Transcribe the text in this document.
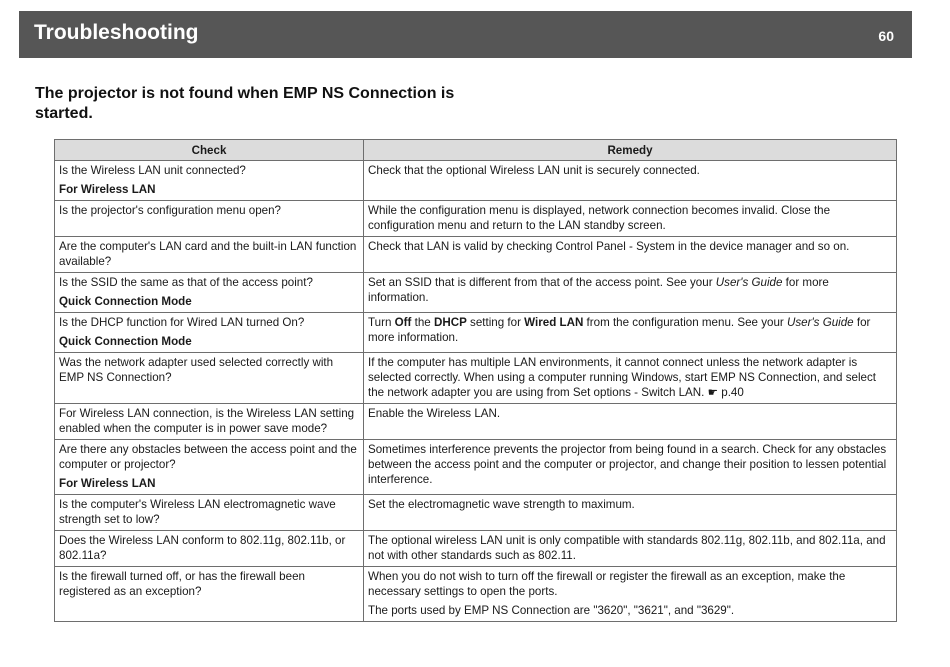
Troubleshooting	60
The projector is not found when EMP NS Connection is started.
Check	Remedy

Is the Wireless LAN unit connected?
For Wireless LAN	Check that the optional Wireless LAN unit is securely connected.

Is the projector's configuration menu open?	While the configuration menu is displayed, network connection becomes invalid. Close the configuration menu and return to the LAN standby screen.

Are the computer's LAN card and the built-in LAN function available?	Check that LAN is valid by checking Control Panel - System in the device manager and so on.

Is the SSID the same as that of the access point?
Quick Connection Mode	Set an SSID that is different from that of the access point. See your User's Guide for more information.

Is the DHCP function for Wired LAN turned On?
Quick Connection Mode	Turn Off the DHCP setting for Wired LAN from the configuration menu. See your User's Guide for more information.

Was the network adapter used selected correctly with EMP NS Connection?	If the computer has multiple LAN environments, it cannot connect unless the network adapter is selected correctly. When using a computer running Windows, start EMP NS Connection, and select the network adapter you are using from Set options - Switch LAN. ☛ p.40

For Wireless LAN connection, is the Wireless LAN setting enabled when the computer is in power save mode?	Enable the Wireless LAN.

Are there any obstacles between the access point and the computer or projector?
For Wireless LAN	Sometimes interference prevents the projector from being found in a search. Check for any obstacles between the access point and the computer or projector, and change their position to lessen potential interference.

Is the computer's Wireless LAN electromagnetic wave strength set to low?	Set the electromagnetic wave strength to maximum.

Does the Wireless LAN conform to 802.11g, 802.11b, or 802.11a?	The optional wireless LAN unit is only compatible with standards 802.11g, 802.11b, and 802.11a, and not with other standards such as 802.11.

Is the firewall turned off, or has the firewall been registered as an exception?	When you do not wish to turn off the firewall or register the firewall as an exception, make the necessary settings to open the ports.
The ports used by EMP NS Connection are "3620", "3621", and "3629".
